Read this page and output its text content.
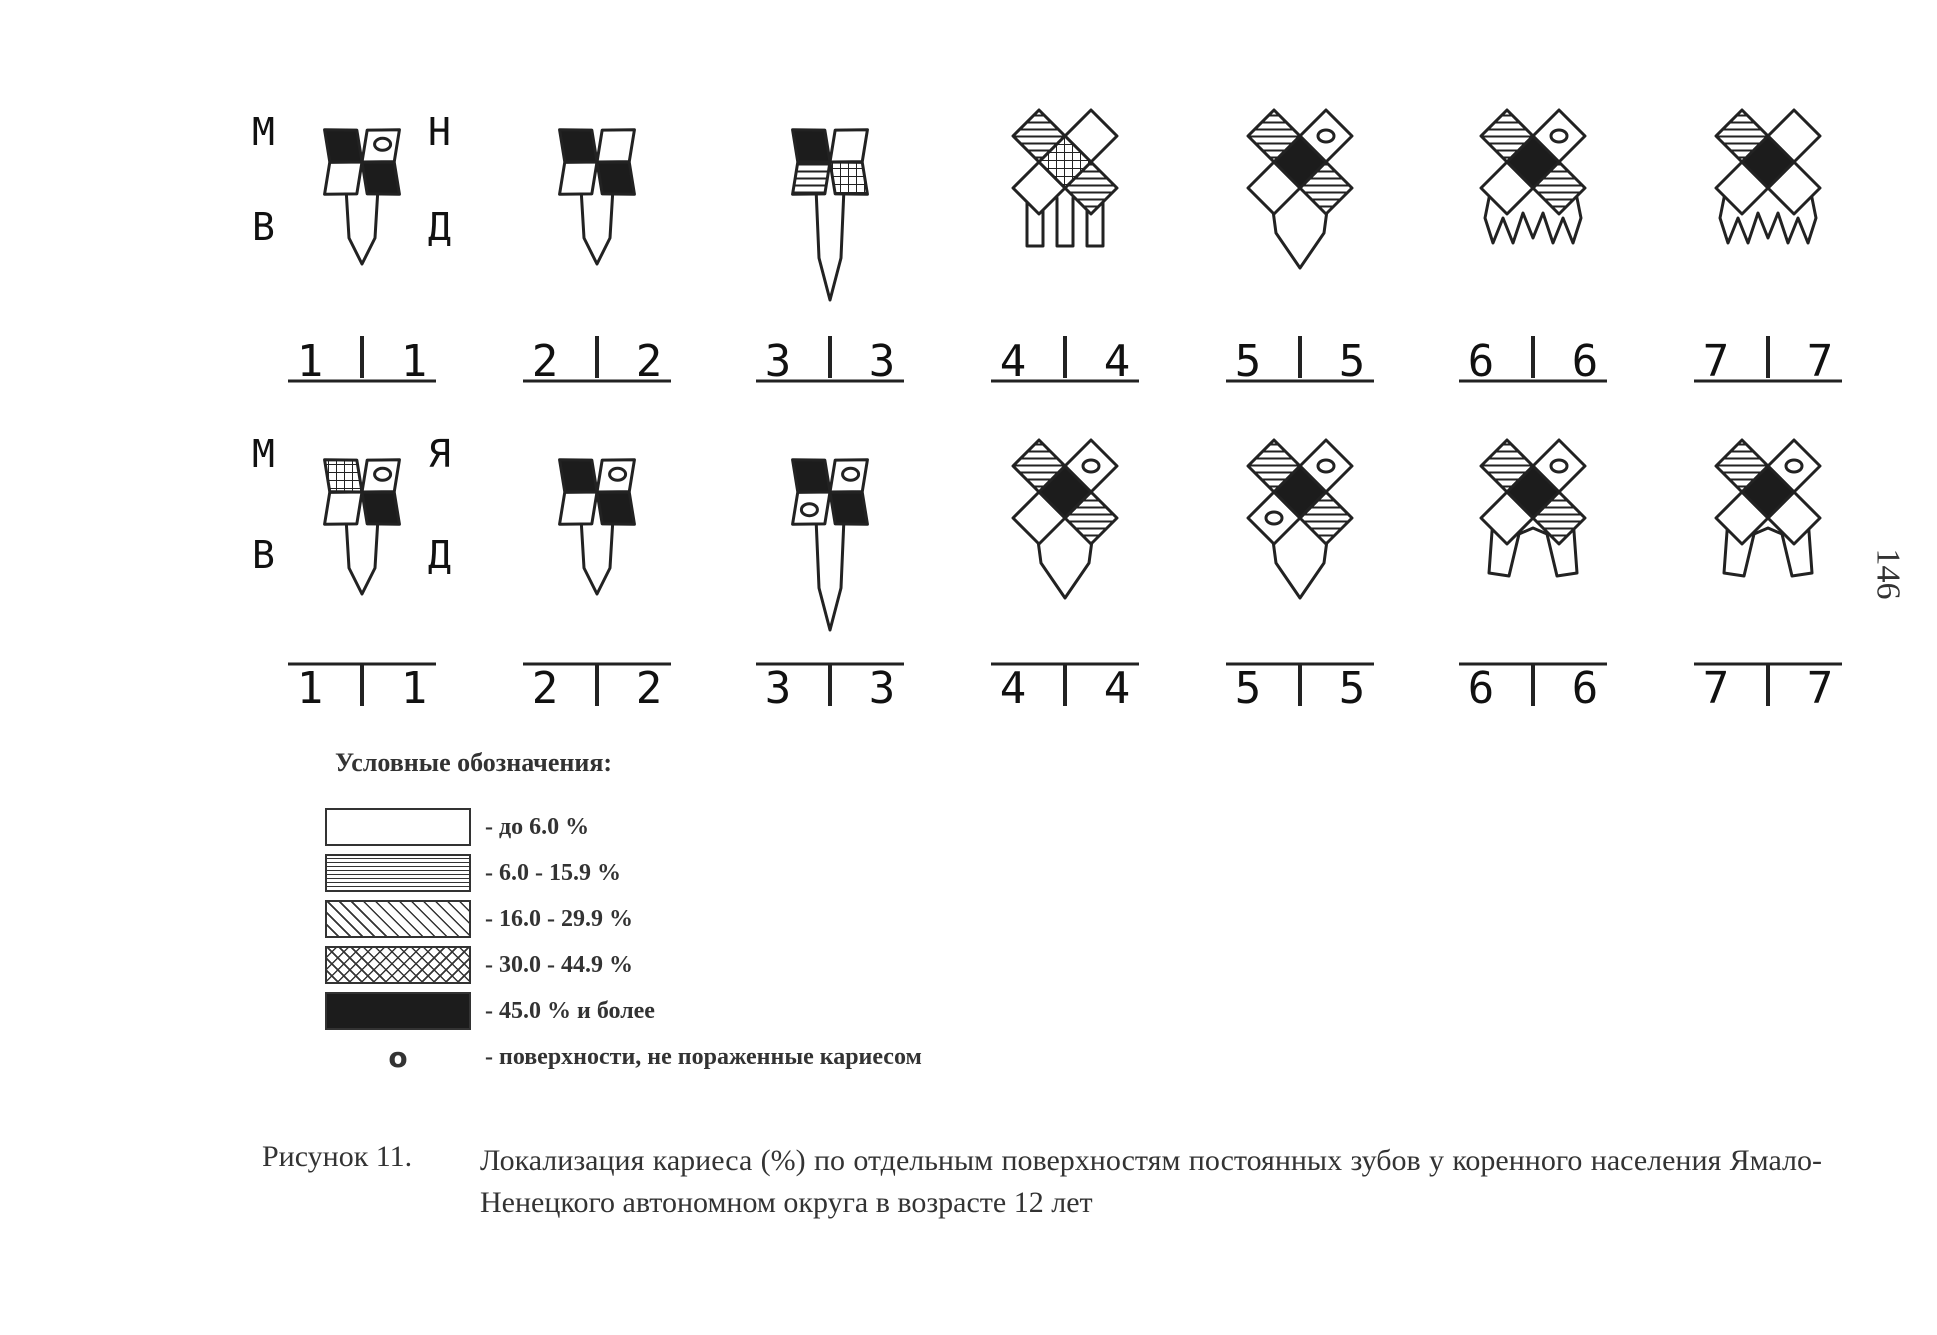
М	Н
В	Д
М	Я
В	Д
1 1 2 2 3 3 4 4 5 5 6 6 7 7
1 1 2 2 3 3 4 4 5 5 6 6 7 7
Условные обозначения:
- до 6.0 %
- 6.0 - 15.9 %
- 16.0 - 29.9 %
- 30.0 - 44.9 %
- 45.0 % и более
o	- поверхности, не пораженные кариесом
Рисунок 11. Локализация кариеса (%) по отдельным поверхностям постоянных зубов у коренного населения Ямало-Ненецкого автономном округа в возрасте 12 лет
146
